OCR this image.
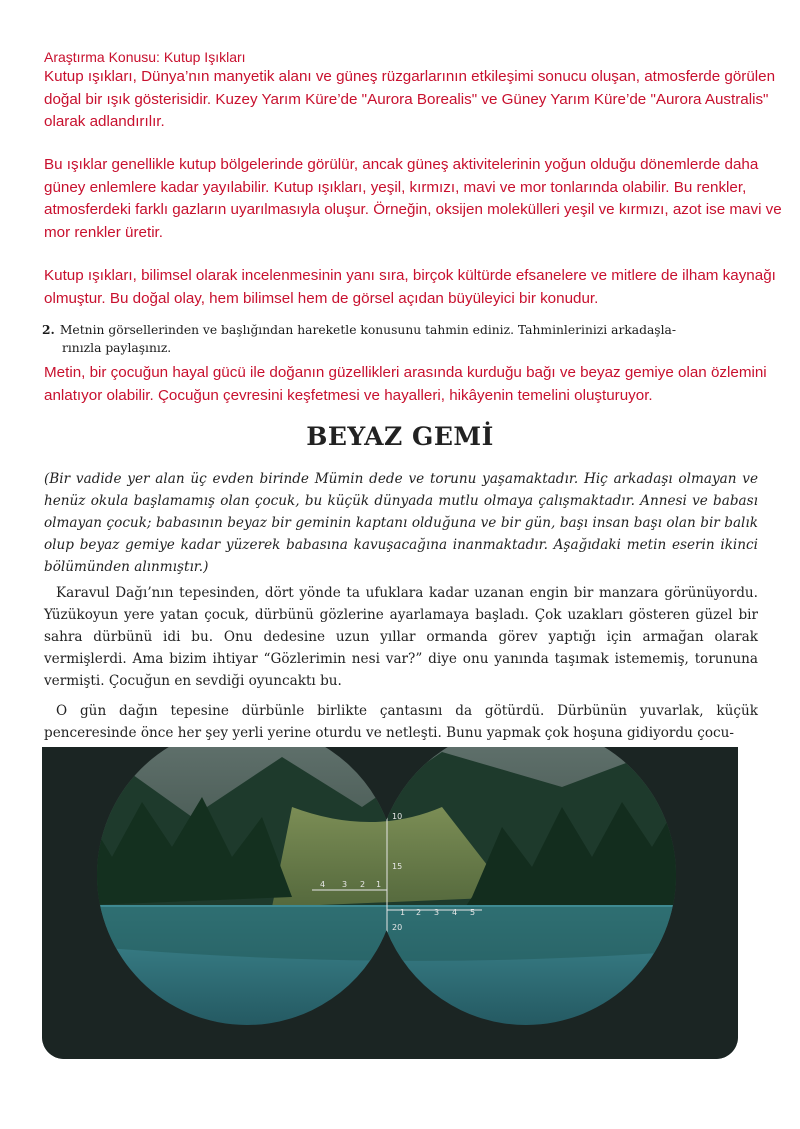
Araştırma Konusu: Kutup Işıkları
Kutup ışıkları, Dünya’nın manyetik alanı ve güneş rüzgarlarının etkileşimi sonucu oluşan, atmosferde görülen doğal bir ışık gösterisidir. Kuzey Yarım Küre’de "Aurora Borealis" ve Güney Yarım Küre’de "Aurora Australis" olarak adlandırılır.
Bu ışıklar genellikle kutup bölgelerinde görülür, ancak güneş aktivitelerinin yoğun olduğu dönemlerde daha güney enlemlere kadar yayılabilir. Kutup ışıkları, yeşil, kırmızı, mavi ve mor tonlarında olabilir. Bu renkler, atmosferdeki farklı gazların uyarılmasıyla oluşur. Örneğin, oksijen molekülleri yeşil ve kırmızı, azot ise mavi ve mor renkler üretir.
Kutup ışıkları, bilimsel olarak incelenmesinin yanı sıra, birçok kültürde efsanelere ve mitlere de ilham kaynağı olmuştur. Bu doğal olay, hem bilimsel hem de görsel açıdan büyüleyici bir konudur.
2. Metnin görsellerinden ve başlığından hareketle konusunu tahmin ediniz. Tahminlerinizi arkadaşla-
rınızla paylaşınız.
Metin, bir çocuğun hayal gücü ile doğanın güzellikleri arasında kurduğu bağı ve beyaz gemiye olan özlemini anlatıyor olabilir. Çocuğun çevresini keşfetmesi ve hayalleri, hikâyenin temelini oluşturuyor.
BEYAZ GEMİ
(Bir vadide yer alan üç evden birinde Mümin dede ve torunu yaşamaktadır. Hiç arkadaşı olmayan ve henüz okula başlamamış olan çocuk, bu küçük dünyada mutlu olmaya çalışmaktadır. Annesi ve babası olmayan çocuk; babasının beyaz bir geminin kaptanı olduğuna ve bir gün, başı insan başı olan bir balık olup beyaz gemiye kadar yüzerek babasına kavuşacağına inanmaktadır. Aşağıdaki metin eserin ikinci bölümünden alınmıştır.)
Karavul Dağı’nın tepesinden, dört yönde ta ufuklara kadar uzanan engin bir manzara görünüyordu. Yüzükoyun yere yatan çocuk, dürbünü gözlerine ayarlamaya başladı. Çok uzakları gösteren güzel bir sahra dürbünü idi bu. Onu dedesine uzun yıllar ormanda görev yaptığı için armağan olarak vermişlerdi. Ama bizim ihtiyar “Gözlerimin nesi var?” diye onu yanında taşımak istememiş, torununa vermişti. Çocuğun en sevdiği oyuncaktı bu.
O gün dağın tepesine dürbünle birlikte çantasını da götürdü. Dürbünün yuvarlak, küçük penceresinde önce her şey yerli yerine oturdu ve netleşti. Bunu yapmak çok hoşuna gidiyordu çocu-
10
15
20
4 3 2 1
1 2 3 4 5
